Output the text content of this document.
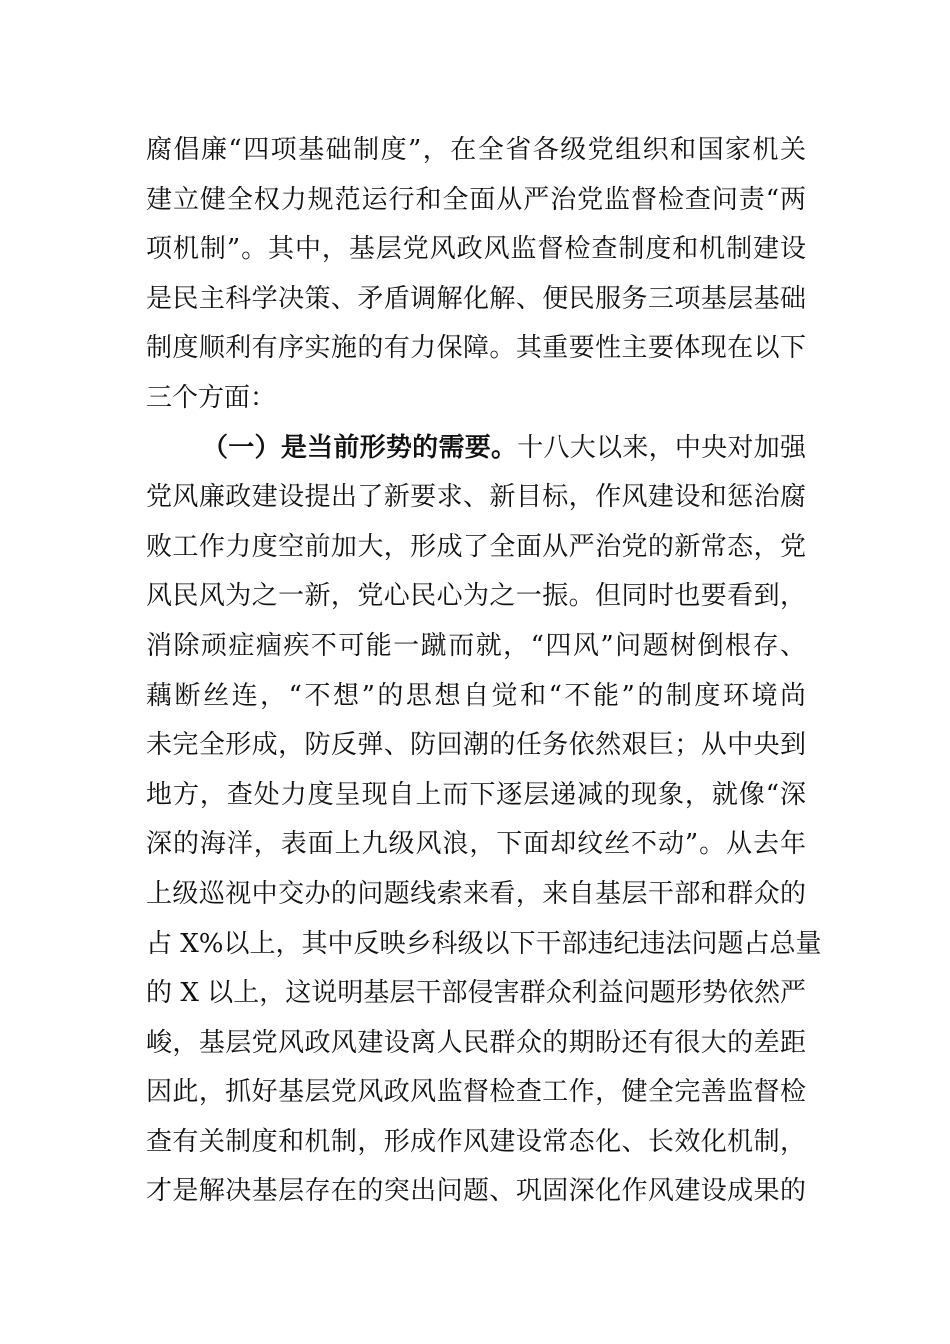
腐倡廉“四项基础制度”，在全省各级党组织和国家机关
建立健全权力规范运行和全面从严治党监督检查问责“两
项机制”。其中，基层党风政风监督检查制度和机制建设
是民主科学决策、矛盾调解化解、便民服务三项基层基础
制度顺利有序实施的有力保障。其重要性主要体现在以下
三个方面：
（一）是当前形势的需要。十八大以来，中央对加强
党风廉政建设提出了新要求、新目标，作风建设和惩治腐
败工作力度空前加大，形成了全面从严治党的新常态，党
风民风为之一新，党心民心为之一振。但同时也要看到，
消除顽症痼疾不可能一蹴而就，“四风”问题树倒根存、
藕断丝连，“不想”的思想自觉和“不能”的制度环境尚
未完全形成，防反弹、防回潮的任务依然艰巨；从中央到
地方，查处力度呈现自上而下逐层递减的现象，就像“深
深的海洋，表面上九级风浪，下面却纹丝不动”。从去年
上级巡视中交办的问题线索来看，来自基层干部和群众的
占 X%以上，其中反映乡科级以下干部违纪违法问题占总量
的 X 以上，这说明基层干部侵害群众利益问题形势依然严
峻，基层党风政风建设离人民群众的期盼还有很大的差距
因此，抓好基层党风政风监督检查工作，健全完善监督检
查有关制度和机制，形成作风建设常态化、长效化机制，
才是解决基层存在的突出问题、巩固深化作风建设成果的
